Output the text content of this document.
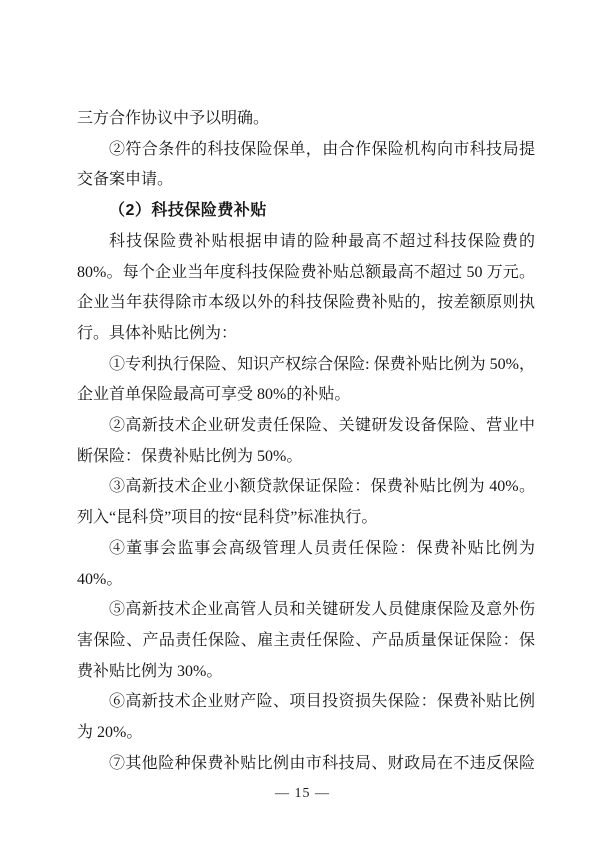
三方合作协议中予以明确。
②符合条件的科技保险保单，由合作保险机构向市科技局提
交备案申请。
（2）科技保险费补贴
科技保险费补贴根据申请的险种最高不超过科技保险费的
80%。每个企业当年度科技保险费补贴总额最高不超过 50 万元。
企业当年获得除市本级以外的科技保险费补贴的，按差额原则执
行。具体补贴比例为：
①专利执行保险、知识产权综合保险: 保费补贴比例为 50%，
企业首单保险最高可享受 80%的补贴。
②高新技术企业研发责任保险、关键研发设备保险、营业中
断保险：保费补贴比例为 50%。
③高新技术企业小额贷款保证保险：保费补贴比例为 40%。
列入“昆科贷”项目的按“昆科贷”标准执行。
④董事会监事会高级管理人员责任保险：保费补贴比例为
40%。
⑤高新技术企业高管人员和关键研发人员健康保险及意外伤
害保险、产品责任保险、雇主责任保险、产品质量保证保险：保
费补贴比例为 30%。
⑥高新技术企业财产险、项目投资损失保险：保费补贴比例
为 20%。
⑦其他险种保费补贴比例由市科技局、财政局在不违反保险
— 15 —
